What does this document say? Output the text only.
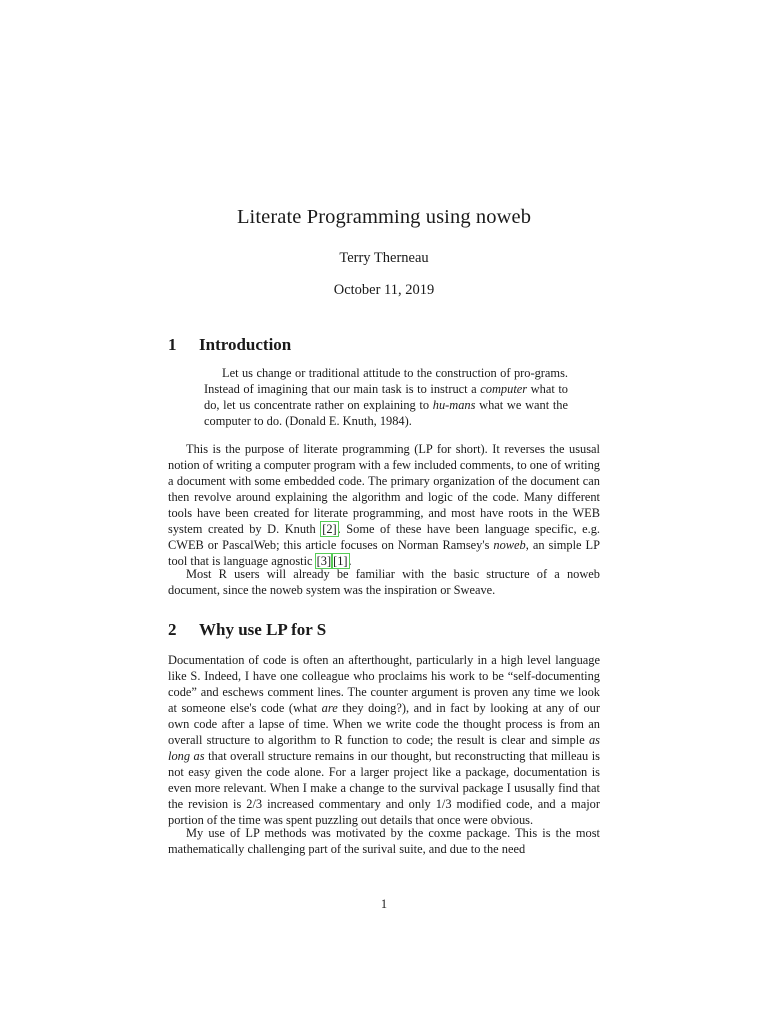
Literate Programming using noweb
Terry Therneau
October 11, 2019
1 Introduction
Let us change or traditional attitude to the construction of pro-grams. Instead of imagining that our main task is to instruct a computer what to do, let us concentrate rather on explaining to hu-mans what we want the computer to do. (Donald E. Knuth, 1984).
This is the purpose of literate programming (LP for short). It reverses the ususal notion of writing a computer program with a few included comments, to one of writing a document with some embedded code. The primary organization of the document can then revolve around explaining the algorithm and logic of the code. Many different tools have been created for literate programming, and most have roots in the WEB system created by D. Knuth [2]. Some of these have been language specific, e.g. CWEB or PascalWeb; this article focuses on Norman Ramsey's noweb, an simple LP tool that is language agnostic [3] [1].
Most R users will already be familiar with the basic structure of a noweb document, since the noweb system was the inspiration or Sweave.
2 Why use LP for S
Documentation of code is often an afterthought, particularly in a high level language like S. Indeed, I have one colleague who proclaims his work to be “self-documenting code” and eschews comment lines. The counter argument is proven any time we look at someone else's code (what are they doing?), and in fact by looking at any of our own code after a lapse of time. When we write code the thought process is from an overall structure to algorithm to R function to code; the result is clear and simple as long as that overall structure remains in our thought, but reconstructing that milleau is not easy given the code alone. For a larger project like a package, documentation is even more relevant. When I make a change to the survival package I ususally find that the revision is 2/3 increased commentary and only 1/3 modified code, and a major portion of the time was spent puzzling out details that once were obvious.
My use of LP methods was motivated by the coxme package. This is the most mathematically challenging part of the surival suite, and due to the need
1
